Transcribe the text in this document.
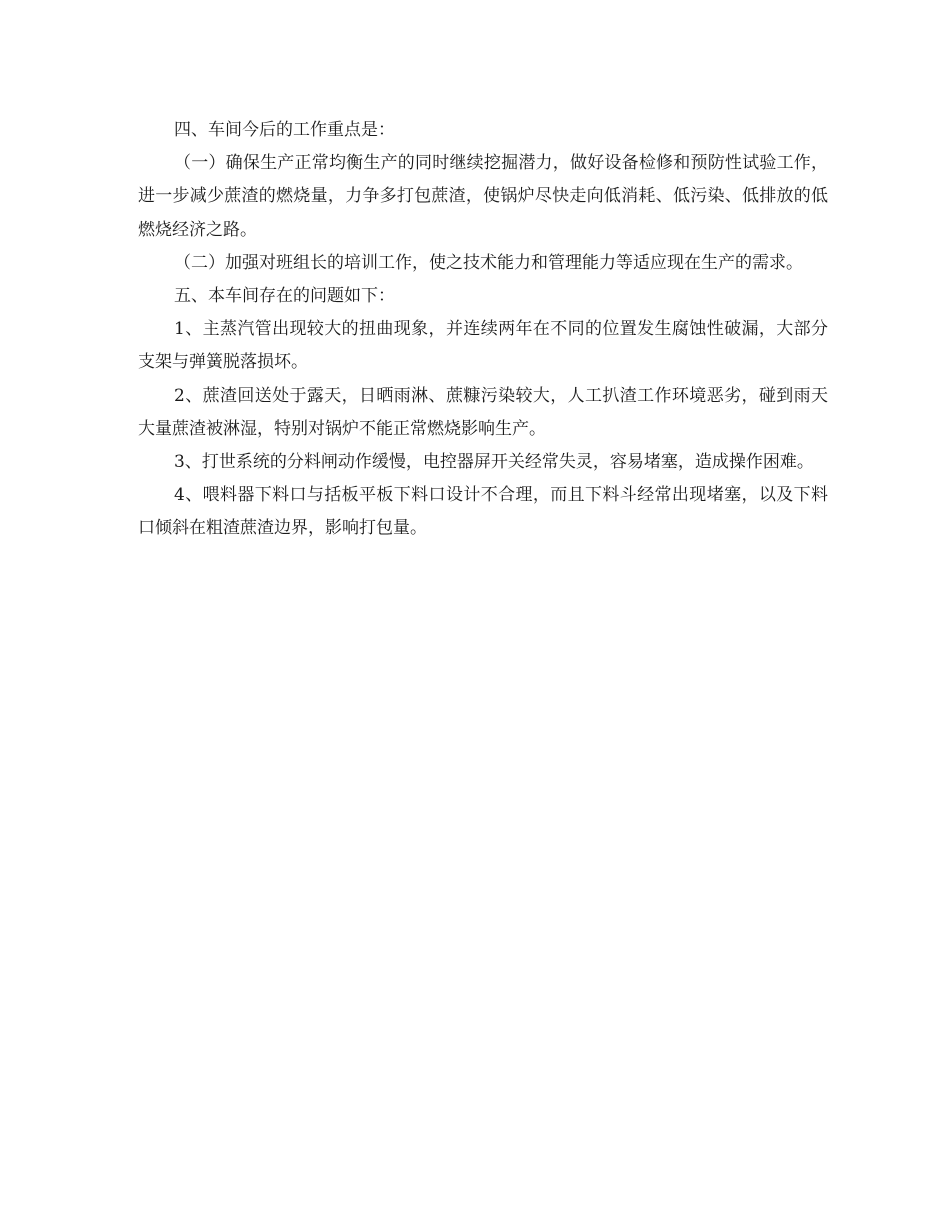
四、车间今后的工作重点是：

（一）确保生产正常均衡生产的同时继续挖掘潜力，做好设备检修和预防性试验工作，进一步减少蔗渣的燃烧量，力争多打包蔗渣，使锅炉尽快走向低消耗、低污染、低排放的低燃烧经济之路。

（二）加强对班组长的培训工作，使之技术能力和管理能力等适应现在生产的需求。

五、本车间存在的问题如下：

1、主蒸汽管出现较大的扭曲现象，并连续两年在不同的位置发生腐蚀性破漏，大部分支架与弹簧脱落损坏。

2、蔗渣回送处于露天，日晒雨淋、蔗糠污染较大，人工扒渣工作环境恶劣，碰到雨天大量蔗渣被淋湿，特别对锅炉不能正常燃烧影响生产。

3、打世系统的分料闸动作缓慢，电控器屏开关经常失灵，容易堵塞，造成操作困难。

4、喂料器下料口与括板平板下料口设计不合理，而且下料斗经常出现堵塞，以及下料口倾斜在粗渣蔗渣边界，影响打包量。
